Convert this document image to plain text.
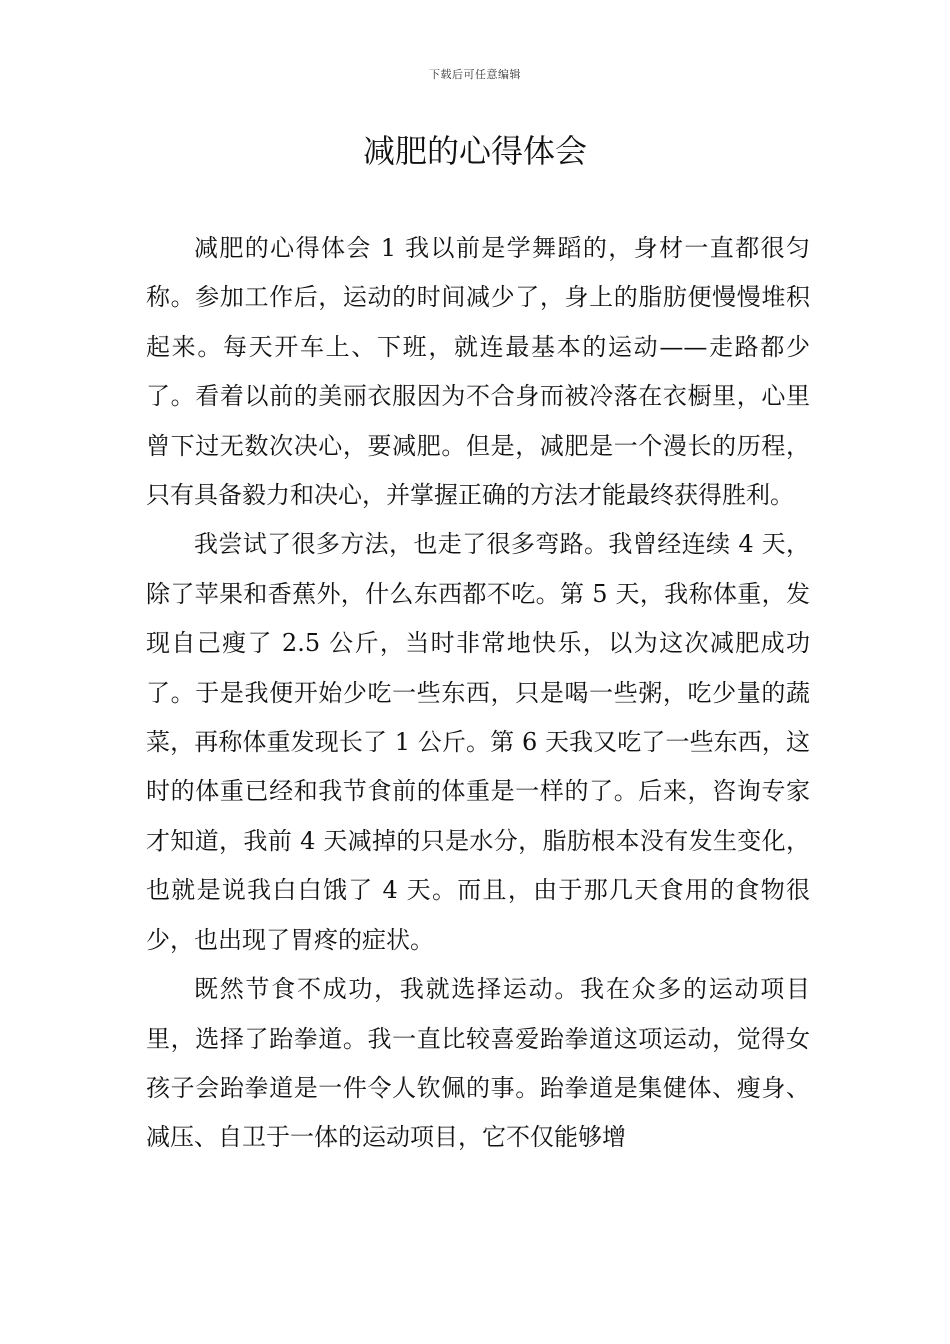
下载后可任意编辑
减肥的心得体会

减肥的心得体会 1 我以前是学舞蹈的，身材一直都很匀称。参加工作后，运动的时间减少了，身上的脂肪便慢慢堆积起来。每天开车上、下班，就连最基本的运动——走路都少了。看着以前的美丽衣服因为不合身而被冷落在衣橱里，心里曾下过无数次决心，要减肥。但是，减肥是一个漫长的历程，只有具备毅力和决心，并掌握正确的方法才能最终获得胜利。

我尝试了很多方法，也走了很多弯路。我曾经连续 4 天，除了苹果和香蕉外，什么东西都不吃。第 5 天，我称体重，发现自己瘦了 2.5 公斤，当时非常地快乐，以为这次减肥成功了。于是我便开始少吃一些东西，只是喝一些粥，吃少量的蔬菜，再称体重发现长了 1 公斤。第 6 天我又吃了一些东西，这时的体重已经和我节食前的体重是一样的了。后来，咨询专家才知道，我前 4 天减掉的只是水分，脂肪根本没有发生变化，也就是说我白白饿了 4 天。而且，由于那几天食用的食物很少，也出现了胃疼的症状。

既然节食不成功，我就选择运动。我在众多的运动项目里，选择了跆拳道。我一直比较喜爱跆拳道这项运动，觉得女孩子会跆拳道是一件令人钦佩的事。跆拳道是集健体、瘦身、减压、自卫于一体的运动项目，它不仅能够增
